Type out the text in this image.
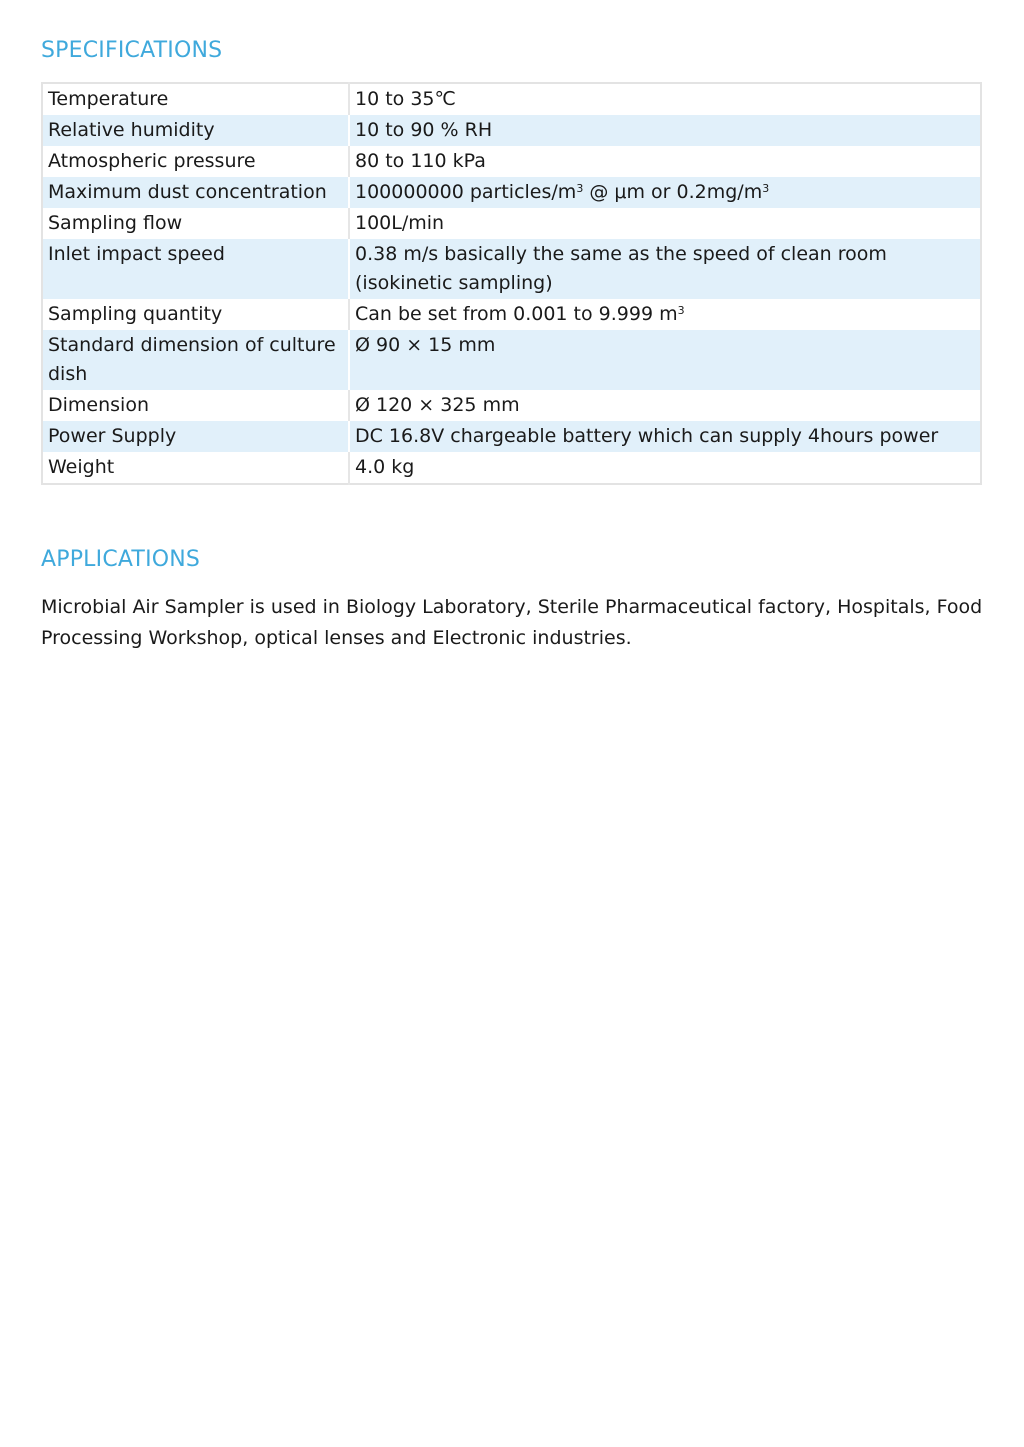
SPECIFICATIONS
Temperature	10 to 35℃
Relative humidity	10 to 90 % RH
Atmospheric pressure	80 to 110 kPa
Maximum dust concentration	100000000 particles/$m^3$ @ μm or $0.2mg/m^3$
Sampling flow	100L/min
Inlet impact speed	0.38 m/s basically the same as the speed of clean room (isokinetic sampling)
Sampling quantity	Can be set from 0.001 to 9.999 $m^3$
Standard dimension of culture dish	Ø 90 × 15 mm
Dimension	Ø 120 × 325 mm
Power Supply	DC 16.8V chargeable battery which can supply 4hours power
Weight	4.0 kg
APPLICATIONS

Microbial Air Sampler is used in Biology Laboratory, Sterile Pharmaceutical factory, Hospitals, Food Processing Workshop, optical lenses and Electronic industries.
